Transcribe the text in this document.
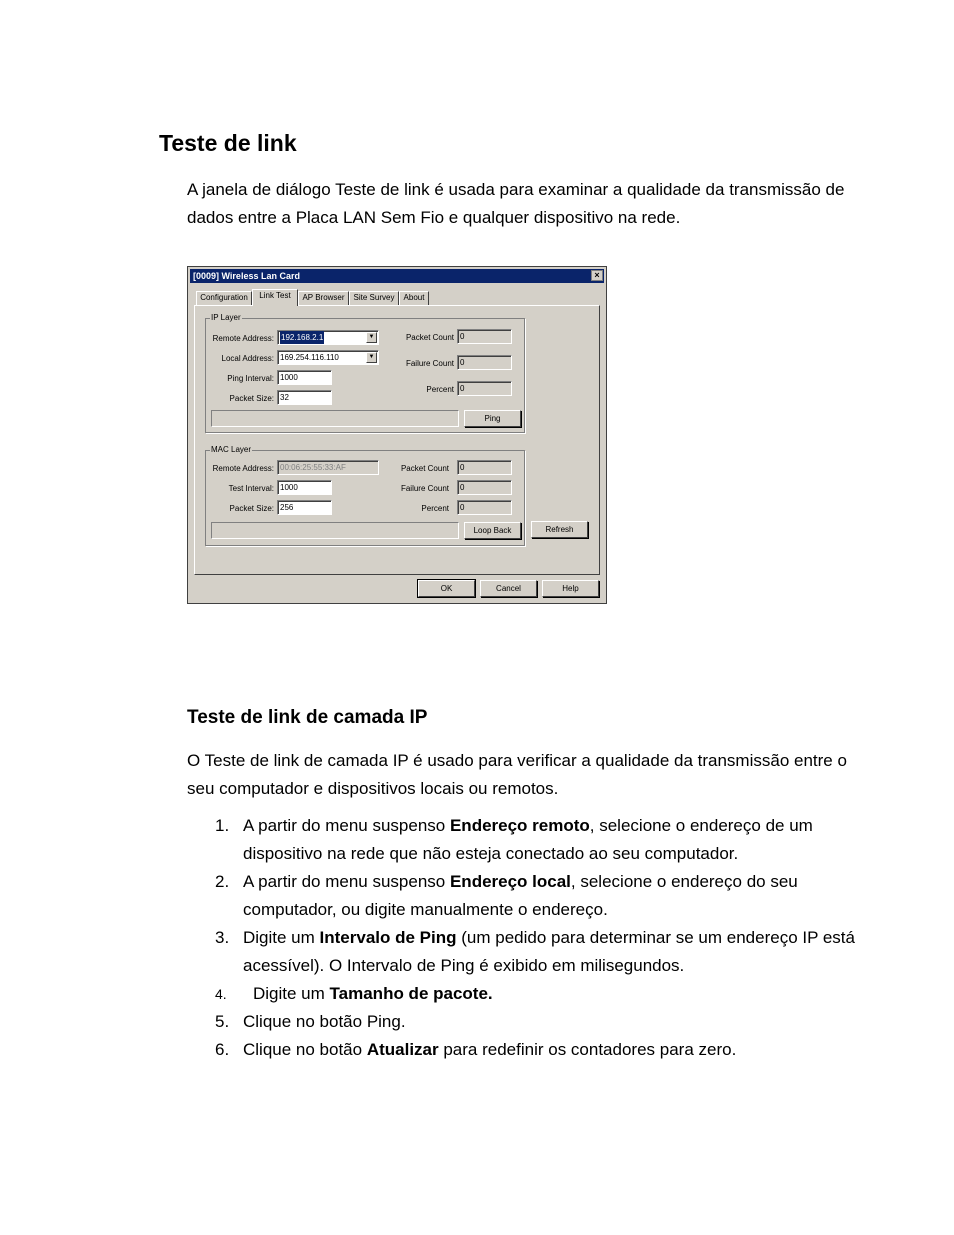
Teste de link
A janela de diálogo Teste de link é usada para examinar a qualidade da transmissão de dados entre a Placa LAN Sem Fio e qualquer dispositivo na rede.
[0009] Wireless Lan Card	×
Configuration	Link Test	AP Browser	Site Survey	About
IP Layer
Remote Address: 192.168.2.1	▼
Local Address: 169.254.116.110	▼
Ping Interval: 1000
Packet Size: 32
Packet Count 0
Failure Count 0
Percent 0
Ping
MAC Layer
Remote Address: 00:06:25:55:33:AF
Test Interval: 1000
Packet Size: 256
Packet Count	0
Failure Count	0
Percent	0
Loop Back	Refresh
OK	Cancel	Help
Teste de link de camada IP
O Teste de link de camada IP é usado para verificar a qualidade da transmissão entre o seu computador e dispositivos locais ou remotos.
1. A partir do menu suspenso Endereço remoto, selecione o endereço de um dispositivo na rede que não esteja conectado ao seu computador.
2. A partir do menu suspenso Endereço local, selecione o endereço do seu computador, ou digite manualmente o endereço.
3. Digite um Intervalo de Ping (um pedido para determinar se um endereço IP está acessível). O Intervalo de Ping é exibido em milisegundos.
4. Digite um Tamanho de pacote.
5. Clique no botão Ping.
6. Clique no botão Atualizar para redefinir os contadores para zero.
